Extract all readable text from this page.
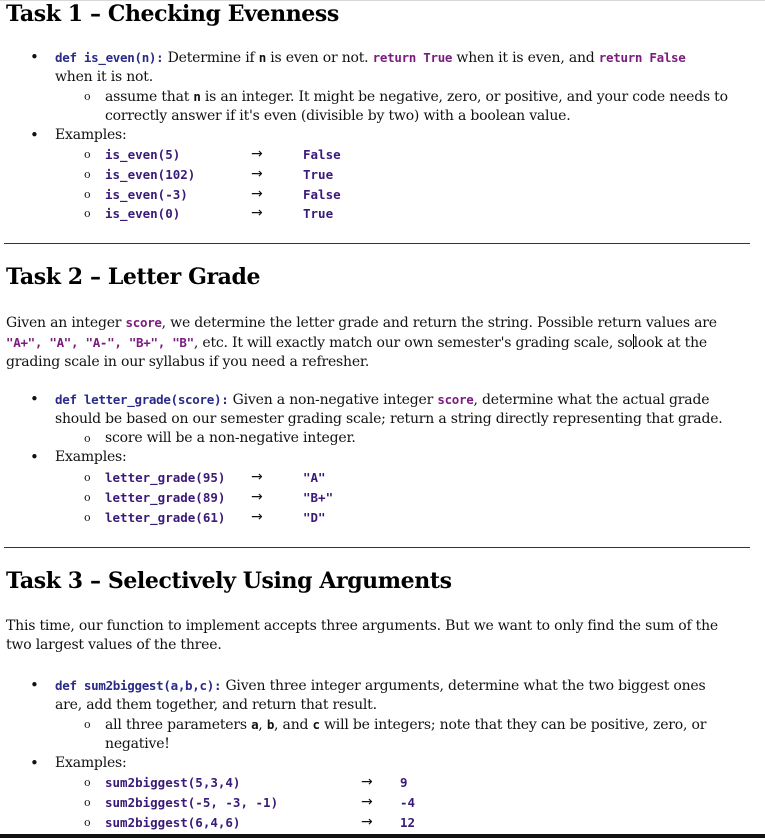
Task 1 – Checking Evenness
• def is_even(n): Determine if n is even or not. return True when it is even, and return False
when it is not.
o assume that n is an integer. It might be negative, zero, or positive, and your code needs to
correctly answer if it's even (divisible by two) with a boolean value.
• Examples:
o is_even(5)	→	False
o is_even(102)	→	True
o is_even(-3)	→	False
o is_even(0)	→	True
Task 2 – Letter Grade
Given an integer score, we determine the letter grade and return the string. Possible return values are
"A+", "A", "A-", "B+", "B", etc. It will exactly match our own semester's grading scale, solook at the
grading scale in our syllabus if you need a refresher.
• def letter_grade(score): Given a non-negative integer score, determine what the actual grade
should be based on our semester grading scale; return a string directly representing that grade.
o score will be a non-negative integer.
• Examples:
o letter_grade(95) →	"A"
o letter_grade(89) →	"B+"
o letter_grade(61) →	"D"
Task 3 – Selectively Using Arguments
This time, our function to implement accepts three arguments. But we want to only find the sum of the
two largest values of the three.
• def sum2biggest(a,b,c): Given three integer arguments, determine what the two biggest ones
are, add them together, and return that result.
o all three parameters a, b, and c will be integers; note that they can be positive, zero, or
negative!
• Examples:
o sum2biggest(5,3,4)	→ 9
o sum2biggest(-5, -3, -1)	→ -4
o sum2biggest(6,4,6)	→ 12
